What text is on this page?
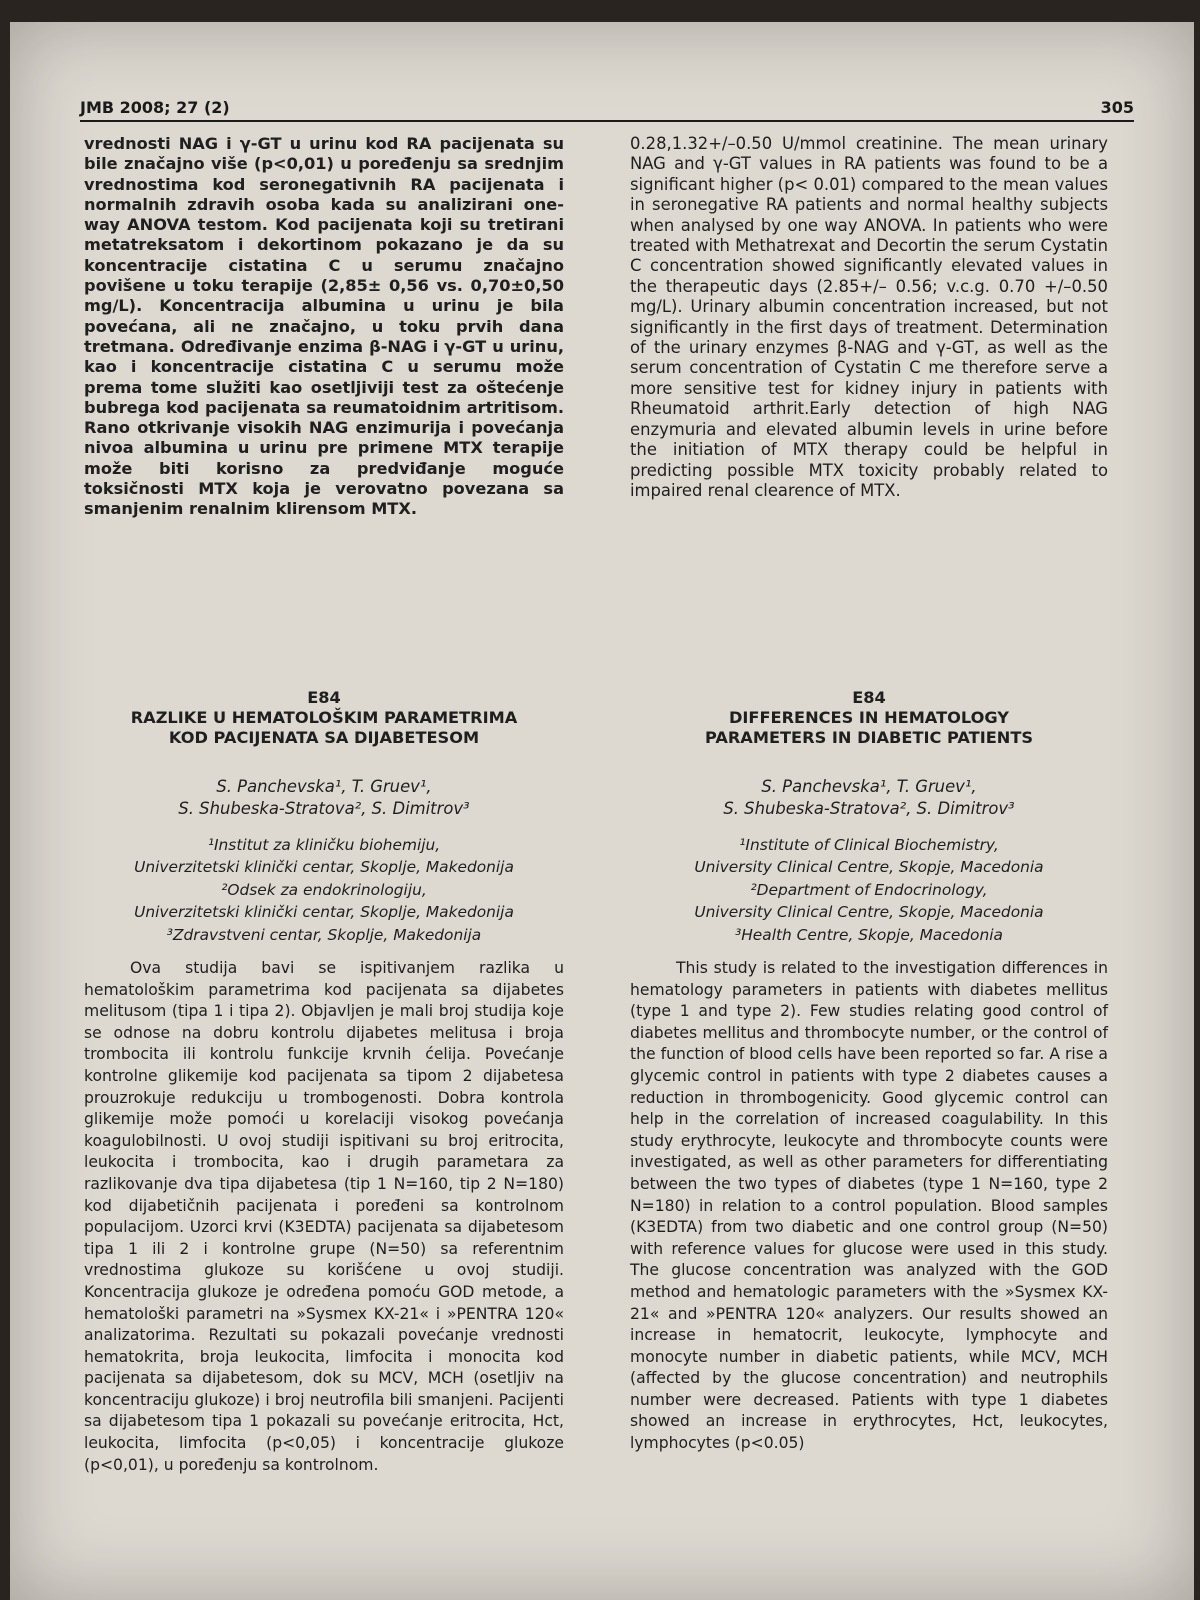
JMB 2008; 27 (2)	305
vrednosti NAG i γ-GT u urinu kod RA pacijenata su bile značajno više (p<0,01) u poređenju sa srednjim vrednostima kod seronegativnih RA pacijenata i normalnih zdravih osoba kada su analizirani one-way ANOVA testom. Kod pacijenata koji su tretirani metatreksatom i dekortinom pokazano je da su koncentracije cistatina C u serumu značajno povišene u toku terapije (2,85± 0,56 vs. 0,70±0,50 mg/L). Koncentracija albumina u urinu je bila povećana, ali ne značajno, u toku prvih dana tretmana. Određivanje enzima β-NAG i γ-GT u urinu, kao i koncentracije cistatina C u serumu može prema tome služiti kao osetljiviji test za oštećenje bubrega kod pacijenata sa reumatoidnim artritisom. Rano otkrivanje visokih NAG enzimurija i povećanja nivoa albumina u urinu pre primene MTX terapije može biti korisno za predviđanje moguće toksičnosti MTX koja je verovatno povezana sa smanjenim renalnim klirensom MTX.
0.28,1.32+/–0.50 U/mmol creatinine. The mean urinary NAG and γ-GT values in RA patients was found to be a significant higher (p< 0.01) compared to the mean values in seronegative RA patients and normal healthy subjects when analysed by one way ANOVA. In patients who were treated with Methatrexat and Decortin the serum Cystatin C concentration showed significantly elevated values in the therapeutic days (2.85+/– 0.56; v.c.g. 0.70 +/–0.50 mg/L). Urinary albumin concentration increased, but not significantly in the first days of treatment. Determination of the urinary enzymes β-NAG and γ-GT, as well as the serum concentration of Cystatin C me therefore serve a more sensitive test for kidney injury in patients with Rheumatoid arthrit.Early detection of high NAG enzymuria and elevated albumin levels in urine before the initiation of MTX therapy could be helpful in predicting possible MTX toxicity probably related to impaired renal clearence of MTX.
E84
RAZLIKE U HEMATOLOŠKIM PARAMETRIMA
KOD PACIJENATA SA DIJABETESOM
S. Panchevska¹, T. Gruev¹,
S. Shubeska-Stratova², S. Dimitrov³
¹Institut za kliničku biohemiju,
Univerzitetski klinički centar, Skoplje, Makedonija
²Odsek za endokrinologiju,
Univerzitetski klinički centar, Skoplje, Makedonija
³Zdravstveni centar, Skoplje, Makedonija
Ova studija bavi se ispitivanjem razlika u hematološkim parametrima kod pacijenata sa dijabetes melitusom (tipa 1 i tipa 2). Objavljen je mali broj studija koje se odnose na dobru kontrolu dijabetes melitusa i broja trombocita ili kontrolu funkcije krvnih ćelija. Povećanje kontrolne glikemije kod pacijenata sa tipom 2 dijabetesa prouzrokuje redukciju u trombogenosti. Dobra kontrola glikemije može pomoći u korelaciji visokog povećanja koagulobilnosti. U ovoj studiji ispitivani su broj eritrocita, leukocita i trombocita, kao i drugih parametara za razlikovanje dva tipa dijabetesa (tip 1 N=160, tip 2 N=180) kod dijabetičnih pacijenata i poređeni sa kontrolnom populacijom. Uzorci krvi (K3EDTA) pacijenata sa dijabetesom tipa 1 ili 2 i kontrolne grupe (N=50) sa referentnim vrednostima glukoze su korišćene u ovoj studiji. Koncentracija glukoze je određena pomoću GOD metode, a hematološki parametri na »Sysmex KX-21« i »PENTRA 120« analizatorima. Rezultati su pokazali povećanje vrednosti hematokrita, broja leukocita, limfocita i monocita kod pacijenata sa dijabetesom, dok su MCV, MCH (osetljiv na koncentraciju glukoze) i broj neutrofila bili smanjeni. Pacijenti sa dijabetesom tipa 1 pokazali su povećanje eritrocita, Hct, leukocita, limfocita (p<0,05) i koncentracije glukoze (p<0,01), u poređenju sa kontrolnom.
E84
DIFFERENCES IN HEMATOLOGY
PARAMETERS IN DIABETIC PATIENTS
S. Panchevska¹, T. Gruev¹,
S. Shubeska-Stratova², S. Dimitrov³
¹Institute of Clinical Biochemistry,
University Clinical Centre, Skopje, Macedonia
²Department of Endocrinology,
University Clinical Centre, Skopje, Macedonia
³Health Centre, Skopje, Macedonia
This study is related to the investigation differences in hematology parameters in patients with diabetes mellitus (type 1 and type 2). Few studies relating good control of diabetes mellitus and thrombocyte number, or the control of the function of blood cells have been reported so far. A rise a glycemic control in patients with type 2 diabetes causes a reduction in thrombogenicity. Good glycemic control can help in the correlation of increased coagulability. In this study erythrocyte, leukocyte and thrombocyte counts were investigated, as well as other parameters for differentiating between the two types of diabetes (type 1 N=160, type 2 N=180) in relation to a control population. Blood samples (K3EDTA) from two diabetic and one control group (N=50) with reference values for glucose were used in this study. The glucose concentration was analyzed with the GOD method and hematologic parameters with the »Sysmex KX-21« and »PENTRA 120« analyzers. Our results showed an increase in hematocrit, leukocyte, lymphocyte and monocyte number in diabetic patients, while MCV, MCH (affected by the glucose concentration) and neutrophils number were decreased. Patients with type 1 diabetes showed an increase in erythrocytes, Hct, leukocytes, lymphocytes (p<0.05)
